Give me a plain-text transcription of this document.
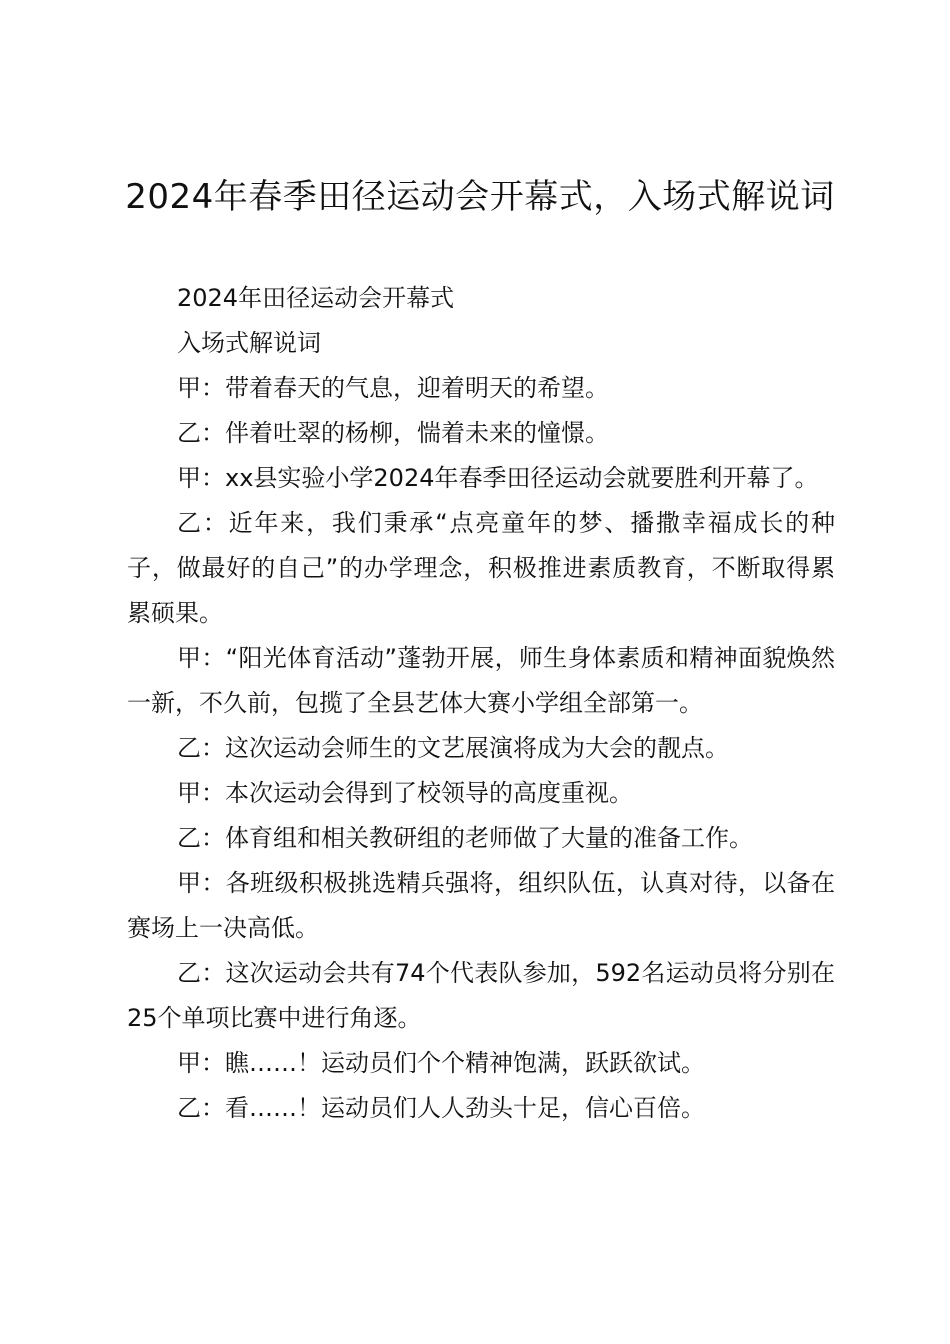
2024年春季田径运动会开幕式，入场式解说词

2024年田径运动会开幕式

入场式解说词

甲：带着春天的气息，迎着明天的希望。

乙：伴着吐翠的杨柳，惴着未来的憧憬。

甲：xx县实验小学2024年春季田径运动会就要胜利开幕了。

乙：近年来，我们秉承“点亮童年的梦、播撒幸福成长的种子，做最好的自己”的办学理念，积极推进素质教育，不断取得累累硕果。

甲：“阳光体育活动”蓬勃开展，师生身体素质和精神面貌焕然一新，不久前，包揽了全县艺体大赛小学组全部第一。

乙：这次运动会师生的文艺展演将成为大会的靓点。

甲：本次运动会得到了校领导的高度重视。

乙：体育组和相关教研组的老师做了大量的准备工作。

甲：各班级积极挑选精兵强将，组织队伍，认真对待，以备在赛场上一决高低。

乙：这次运动会共有74个代表队参加，592名运动员将分别在25个单项比赛中进行角逐。

甲：瞧……！运动员们个个精神饱满，跃跃欲试。

乙：看……！运动员们人人劲头十足，信心百倍。
